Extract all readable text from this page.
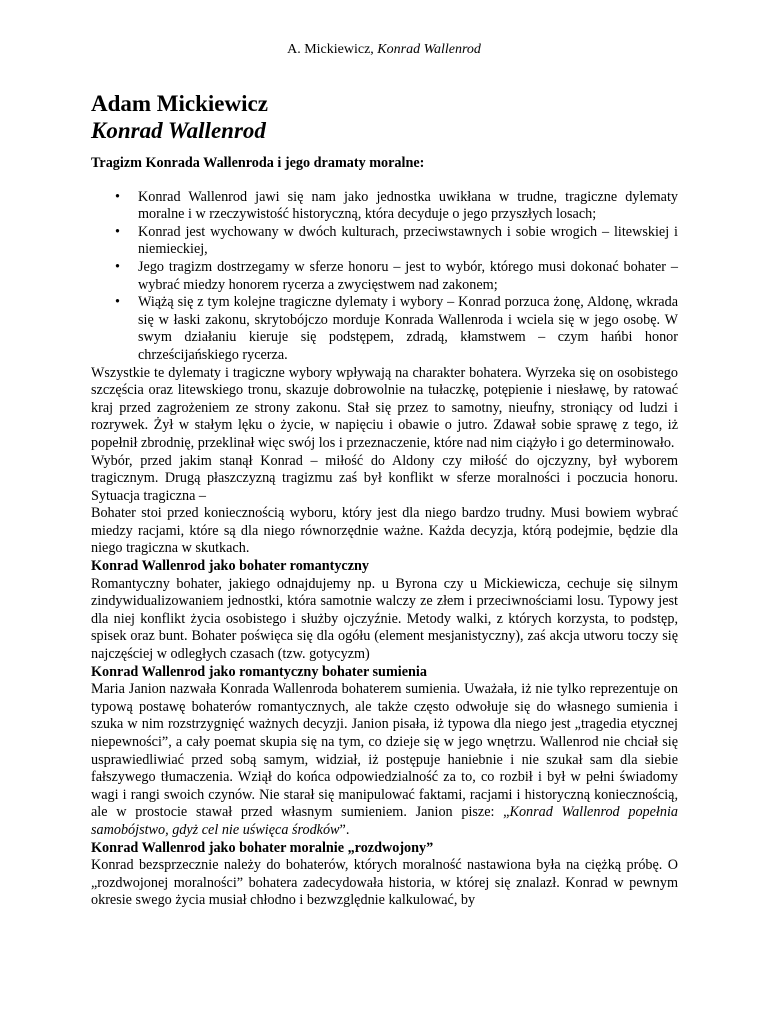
A. Mickiewicz, Konrad Wallenrod
Adam Mickiewicz
Konrad Wallenrod
Tragizm Konrada Wallenroda i jego dramaty moralne:
• Konrad Wallenrod jawi się nam jako jednostka uwikłana w trudne, tragiczne dylematy moralne i w rzeczywistość historyczną, która decyduje o jego przyszłych losach;
• Konrad jest wychowany w dwóch kulturach, przeciwstawnych i sobie wrogich – litewskiej i niemieckiej,
• Jego tragizm dostrzegamy w sferze honoru – jest to wybór, którego musi dokonać bohater – wybrać miedzy honorem rycerza a zwycięstwem nad zakonem;
• Wiążą się z tym kolejne tragiczne dylematy i wybory – Konrad porzuca żonę, Aldonę, wkrada się w łaski zakonu, skrytobójczo morduje Konrada Wallenroda i wciela się w jego osobę. W swym działaniu kieruje się podstępem, zdradą, kłamstwem – czym hańbi honor chrześcijańskiego rycerza.

Wszystkie te dylematy i tragiczne wybory wpływają na charakter bohatera. Wyrzeka się on osobistego szczęścia oraz litewskiego tronu, skazuje dobrowolnie na tułaczkę, potępienie i niesławę, by ratować kraj przed zagrożeniem ze strony zakonu. Stał się przez to samotny, nieufny, stroniący od ludzi i rozrywek. Żył w stałym lęku o życie, w napięciu i obawie o jutro. Zdawał sobie sprawę z tego, iż popełnił zbrodnię, przeklinał więc swój los i przeznaczenie, które nad nim ciążyło i go determinowało.

Wybór, przed jakim stanął Konrad – miłość do Aldony czy miłość do ojczyzny, był wyborem tragicznym. Drugą płaszczyzną tragizmu zaś był konflikt w sferze moralności i poczucia honoru. Sytuacja tragiczna –

Bohater stoi przed koniecznością wyboru, który jest dla niego bardzo trudny. Musi bowiem wybrać miedzy racjami, które są dla niego równorzędnie ważne. Każda decyzja, którą podejmie, będzie dla niego tragiczna w skutkach.

Konrad Wallenrod jako bohater romantyczny

Romantyczny bohater, jakiego odnajdujemy np. u Byrona czy u Mickiewicza, cechuje się silnym zindywidualizowaniem jednostki, która samotnie walczy ze złem i przeciwnościami losu. Typowy jest dla niej konflikt życia osobistego i służby ojczyźnie. Metody walki, z których korzysta, to podstęp, spisek oraz bunt. Bohater poświęca się dla ogółu (element mesjanistyczny), zaś akcja utworu toczy się najczęściej w odległych czasach (tzw. gotycyzm)

Konrad Wallenrod jako romantyczny bohater sumienia

Maria Janion nazwała Konrada Wallenroda bohaterem sumienia. Uważała, iż nie tylko reprezentuje on typową postawę bohaterów romantycznych, ale także często odwołuje się do własnego sumienia i szuka w nim rozstrzygnięć ważnych decyzji. Janion pisała, iż typowa dla niego jest „tragedia etycznej niepewności”, a cały poemat skupia się na tym, co dzieje się w jego wnętrzu. Wallenrod nie chciał się usprawiedliwiać przed sobą samym, widział, iż postępuje haniebnie i nie szukał sam dla siebie fałszywego tłumaczenia. Wziął do końca odpowiedzialność za to, co rozbił i był w pełni świadomy wagi i rangi swoich czynów. Nie starał się manipulować faktami, racjami i historyczną koniecznością, ale w prostocie stawał przed własnym sumieniem. Janion pisze: „Konrad Wallenrod popełnia samobójstwo, gdyż cel nie uświęca środków”.

Konrad Wallenrod jako bohater moralnie „rozdwojony”

Konrad bezsprzecznie należy do bohaterów, których moralność nastawiona była na ciężką próbę. O „rozdwojonej moralności” bohatera zadecydowała historia, w której się znalazł. Konrad w pewnym okresie swego życia musiał chłodno i bezwzględnie kalkulować, by
